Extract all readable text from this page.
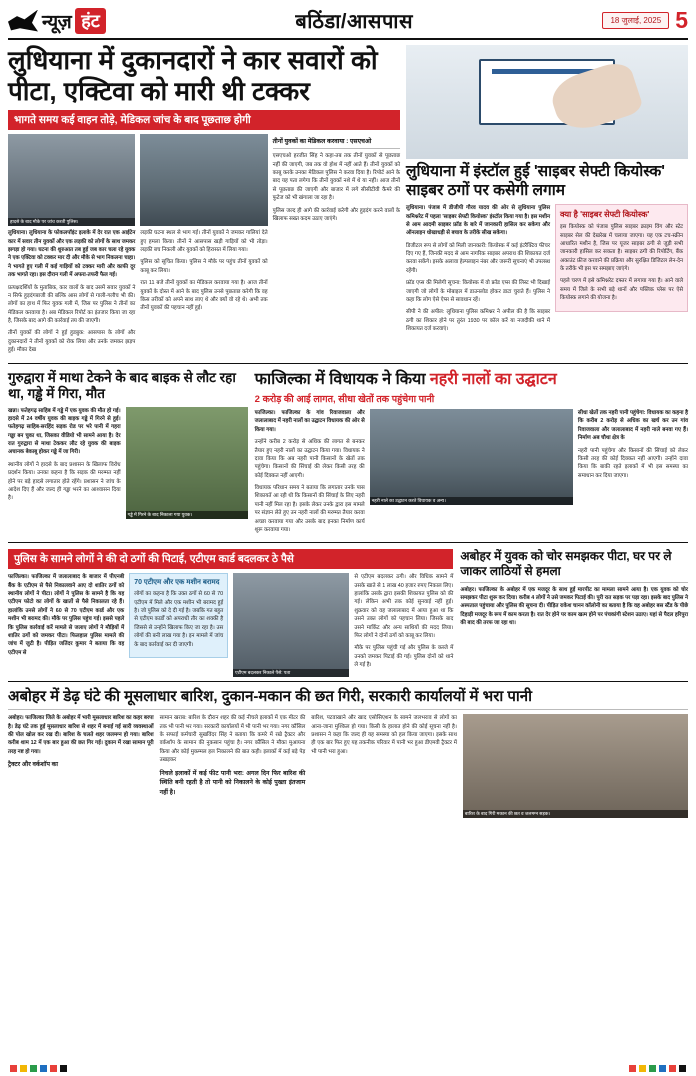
न्यूज़ हंट	बठिंडा/आसपास	18 जुलाई, 2025 5
लुधियाना में दुकानदारों ने कार सवारों को पीटा, एक्टिवा को मारी थी टक्कर
भागते समय कई वाहन तोड़े, मेडिकल जांच के बाद पूछताछ होगी
हादसे के बाद मौके पर जांच करती पुलिस।

लुधियाना। लुधियाना के फोकलपॉइंट इलाके में देर रात एक आईटेन कार में सवार तीन युवकों और एक लड़की को लोगों के साथ जमकर झगड़ा हो गया। घटना की शुरुआत तब हुई जब कार चला रहे युवक ने एक एक्टिवा को टक्कर मार दी और मौके से भाग निकलना चाहा। ने भागते हुए गली में कई गाड़ियों को टक्कर मारी और काफी दूर तक भागते रहा। इस दौरान गली में अफरा-तफरी फैल गई।

प्रत्यक्षदर्शियों के मुताबिक, कार वालों के बाद उसमें सवार युवकों ने न सिर्फ हुड़दंगबाजी की बल्कि आस लोगों से गाली-गलौच भी की। लोगों का हाथ में फिर युवक गली में, जिस पर पुलिस ने तीनों का मेडिकल करवाया है। अब मेडिकल रिपोर्ट का इंतजार किया जा रहा है, जिसके बाद आगे की कार्रवाई तय की जाएगी।

तीनों युवकों की लोगों ने हुई हुडबुक: आसपास के लोगों और दुकानदारों ने तीनों युवकों को रोक लिया और उनके जमकर झड़प हुई। मौका देख

लड़की घटना स्थल से भाग गई। तीनों युवकों ने जमकर गालियां देते हुए हमला किया। तीनों ने आसपास खड़ी गाड़ियों को भी तोड़ा। लड़की बच निकली और युवकों को हिरासत में लिया गया।

पुलिस को सूचित किया। पुलिस ने मौके पर पहुंच तीनों युवकों को काबू कर लिया।

रात 11 बजे तीनों युवकों का मेडिकल करवाया गया है। आज तीनों युवकों के दोस्त में आने के बाद पुलिस उनसे पूछताछ करेगी कि वह किस तरीकों को अपने साथ लाए थे और क्यों वो रहे थे। अभी तक तीनों युवकों की पहचान नहीं हुई।

तीनों युवकों का मेडिकल करवाया : एसएचओ

एसएचओ हरजीत सिंह ने कहा-तब तक तीनों युवकों से पूछताछ नहीं की जाएगी, जब तक वो होश में नहीं आते हैं। तीनों युवकों को काबू करके उनका मेडिकल पुलिस ने करवा दिया है। रिपोर्ट आने के बाद यह पता लगेगा कि तीनों युवकों नशे में थे या नहीं। आज तीनों से पूछताछ की जाएगी और बाजार में लगे सीसीटीवी कैमरे की फुटेज को भी खंगाला जा रहा है।

पुलिस जल्द ही आगे की कार्रवाई करेगी और हुड़दंग करने वालों के खिलाफ सख्त कदम उठाए जाएंगे।

लुधियाना में इंस्टॉल हुई 'साइबर सेफ्टी कियोस्क' साइबर ठगों पर कसेगी लगाम

लुधियाना। पंजाब में डीजीपी गौरव यादव की ओर से लुधियाना पुलिस कमिश्नरेट में पहला 'साइबर सेफ्टी कियोस्क' इंस्टॉल किया गया है। इस मशीन से आम आदमी साइबर फ्रॉड के बारे में जानकारी हासिल कर सकेगा और ऑनलाइन धोखाधड़ी से बचाव के तरीके सीख सकेगा।

डिजीटल रूप से लोगों को मिली जानकारी: कियोस्क में कई इंटरैक्टिव फीचर दिए गए हैं, जिनकी मदद से आम नागरिक साइबर अपराध की शिकायत दर्ज करवा सकेंगे। इसके अलावा हेल्पलाइन नंबर और जरूरी सूचनाएं भी उपलब्ध रहेंगी।

फ्रॉड एप्स की मिलेगी सूचना: कियोस्क में वो फ्रॉड एप्स की लिस्ट भी दिखाई जाएगी जो लोगों के मोबाइल में डाउनलोड होकर डाटा चुराते हैं। पुलिस ने कहा कि लोग ऐसे ऐप्स से सावधान रहें।

सीपी ने की अपील: लुधियाना पुलिस कमिश्नर ने अपील की है कि साइबर ठगी का शिकार होने पर तुरंत 1930 पर कॉल करें या नजदीकी थाने में शिकायत दर्ज करवाएं।

क्या है 'साइबर सेफ्टी कियोस्क'

इस कियोस्क को पंजाब पुलिस साइबर क्राइम विंग और स्टेट साइबर सेल की देखरेख में चलाया जाएगा। यह एक टच-स्क्रीन आधारित मशीन है, जिस पर यूजर साइबर ठगी से जुड़ी सभी जानकारी हासिल कर सकता है। साइबर ठगी की रिपोर्टिंग, बैंक अकाउंट फ्रीज करवाने की प्रक्रिया और सुरक्षित डिजिटल लेन-देन के तरीके भी इस पर समझाए जाएंगे।

पहले चरण में इसे कमिश्नरेट दफ्तर में लगाया गया है। आने वाले समय में जिले के सभी बड़े थानों और पब्लिक प्लेस पर ऐसे कियोस्क लगाने की योजना है।

गुरुद्वारा में माथा टेकने के बाद बाइक से लौट रहा था, गड्ढे में गिरा, मौत

खन्ना। फतेहगढ़ साहिब में गड्ढे में एक युवक की मौत हो गई। हादसे में 24 वर्षीय युवक की बाइक गड्ढे में गिरने से हुई। फतेहगढ़ साहिब-सरहिंद सड़क रोड पर भरे पानी में गहरा गड्ढा बन चुका था, जिसका वीडियो भी सामने आया है। देर रात गुरुद्वारा से माथा टेककर लौट रहे युवक की बाइक अचानक बेकाबू होकर गड्ढे में जा गिरी।

स्थानीय लोगों ने हादसे के बाद प्रशासन के खिलाफ विरोध प्रदर्शन किया। उनका कहना है कि सड़क की मरम्मत नहीं होने पर बड़े हादसे लगातार होते रहेंगे। प्रशासन ने जांच के आदेश दिए हैं और जल्द ही गड्ढा भरने का आश्वासन दिया है।

गड्ढे में गिरने के बाद निकाला गया युवक।
फाजिल्का में विधायक ने किया नहरी नालों का उद्घाटन
2 करोड़ की आई लागत, सीधा खेतों तक पहुंचेगा पानी

फाजिल्का। फाजिल्का के गांव रिवाजवाला और जलालाबाद में नहरी नालों का उद्घाटन विधायक की ओर से किया गया।

उन्होंने करीब 2 करोड़ से अधिक की लागत से बनकर तैयार हुए नहरी नालों का उद्घाटन किया गया। विधायक ने दावा किया कि अब नहरी पानी किसानों के खेतों तक पहुंचेगा। किसानों की सिंचाई की लेकर किसी तरह की कोई दिक्कत नहीं आएगी।

विधायक परिधान समय ने बताया कि लगातार उनके पास शिकायतें आ रही थी कि किसानों की सिंचाई के लिए नहरी पानी नहीं मिल रहा है। इसके लेकर उनके द्वारा इस मामले पर संज्ञान लेते हुए उन नहरी नालों की मरम्मत तैयार करवा अच्छा करवाया गया और उसके बाद इनका निर्माण कार्य शुरू करवाया गया।

नहरी नाले का उद्घाटन करते विधायक व अन्य।

सीधा खेतों तक नहरी पानी पहुंचेगा: विधायक का कहना है कि करीब 2 करोड़ से अधिक का खर्च कर उन गांव रिवाजवाला और जलालाबाद में नहरी नाले बनवा गए हैं। निर्माण अब चौथा क्षेत्र के

नहरी पानी पहुंचेगा और किसानों की सिंचाई को लेकर किसी तरह की कोई दिक्कत नहीं आएगी। उन्होंने दावा किया कि बाकी रहते इलाकों में भी इस समस्या का समाधान कर दिया जाएगा।

पुलिस के सामने लोगों ने की दो ठगों की पिटाई, एटीएम कार्ड बदलकर ठे पैसे

फाजिल्का। फाजिल्का में जलालाबाद के बाजार में पीएनबी बैंक के एटीएम से पैसे निकालवाने आए दो शातिर ठगों को स्थानीय लोगों ने पीटा। लोगों ने पुलिस के सामने है कि यह एटीएम फोटो का लोगों के खातों से पैसे निकालता रहे हैं। हालांकि उनसे लोगों ने 60 से 70 एटीएम कार्ड और एक मशीन भी बरामद की। मौके पर पुलिस पहुंच गई। इससे पहले कि पुलिस कार्रवाई करें मामले से जलाए लोगों ने मौड़ियों में शातिर ठगों को जमकर पीटा। फिलहाल पुलिस मामले की जांच में जुटी है। पीड़ित जतिंदर कुमार ने बताया कि वह एटीएम से

70 एटीएम और एक मशीन बरामद

लोगों का कहना है कि उक्त ठगों से 60 से 70 एटीएम में मिले और एक मशीन भी बरामद हुई है। जो पुलिस को दे दी गई है। जबकि गत बहुत से एटीएम कार्डों को अपराधी तौर का शक्की है जिससे से उन्होंने खिलाफ किए जा रहा है। उस लोगों की बनी लाख गया है। इन मामले में जांच के बाद कार्रवाई कर दी जाएगी।

एटीएम बदलकर निकाले पैसे: पता

से एटीएम बदलकर ठगी। और विधिक सामने में उसके खाते से 1 लाख 40 हजार रुपए निकाल लिए। हालांकि उसके द्वारा इसकी शिकायत पुलिस को की गई। लेकिन अभी तक कोई सुनवाई नहीं हुई। शुक्रवार को वह जलालाबाद में आया हुआ था कि उसने उक्त लोगों को पहचान लिया। जिसके बाद उसने मार्किट और अन्य साथियों की मदद लिया। फिर लोगों ने दोनों ठगों को काबू कर लिया।

मौके पर पुलिस पहुंची गई और पुलिस के कब्जे में उनको जमकर पिटाई की गई। पुलिस दोनों को थाने ले गई है।

अबोहर में युवक को चोर समझकर पीटा, घर पर ले जाकर लाठियों से हमला

अबोहर। फाजिल्का के अबोहर में एक मजदूर के साथ हुई मारपीट का मामला सामने आया है। एक युवक को चोर समझकर पीटा शुरू कर दिया। करीब 4 लोगों ने उसे जमकर पिटाई की। पुरी रात सड़क पर पड़ा रहा। इसके बाद पुलिस ने अस्पताल पहुंचाया और पुलिस की सूचना दी। पीड़ित राकेश चानन कॉलोनी का बताया है कि वह अबोहर बस स्टैंड के पीछे दिहाड़ी मजदूर के रूप में काम करता है। रात देर होने पर काम खत्म होने पर पंचकांगी स्टेशन उठाए। यहां से पैदल हरिपुरा की बाद की तरफ जा रहा था।

अबोहर में डेढ़ घंटे की मूसलाधार बारिश, दुकान-मकान की छत गिरी, सरकारी कार्यालयों में भरा पानी

अबोहर। फाजिल्का जिले के अबोहर में भारी मूसलाधार बारिश का कहर बरपा है। डेढ़ घंटे तक हुई मूसलाधार बारिश से शहर में बनाई गई सारी व्यवस्थाओं की पोल खोल कर रख दी। बारिश के चलते शहर जलमग्न हो गया। बारिश करीब शाम 12 में एक बार हुआ की छत गिर गई। दुकान में रखा सामान पूरी तरह नष्ट हो गया।

ट्रैक्टर और वर्कशॉप का

सामान खराब: बारिश के दौरान शहर की कई नीचले इलाकों में एक मीटर की तक भी पानी भर गया। सरकारी कार्यालयों में भी पानी भर गया। नगर कौंसिल के सफाई कर्मचारी सुखविंदर सिंह ने बताया कि कमरे में रखे ट्रैक्टर और वर्कशॉप के सामान की नुकसान पहुंचा है। नगर कौंसिल ने मौका मुआयना किया और कोई मुकम्मल हल निकालने की बात कही। इलाकों में कई बड़े पेड़ उखड़कर

निचले इलाकों में कई फीट पानी भरा: अगल दिन फिर बारिश की स्थिति बनी रहती है तो पानी को निकालने के कोई पुख्ता इंतजाम नहीं है।

बारिश, पटवाखाने और खाद एसोसिएशन के सामने जलभराव से लोगों का आना-जाना मुश्किल हो गया। किसी के हालात होने की कोई सूचना नहीं है। प्रशासन ने कहा कि जल्द ही यह समस्या को हल किया जाएगा। इसके साथ ही एक बार फिर हुए यह तकनीक परिवार में पानी भर हुआ डीएमवी ट्रैक्टर में भी पानी भरा हुआ।

बारिश के बाद गिरी मकान की छत व जलमग्न सड़क।
